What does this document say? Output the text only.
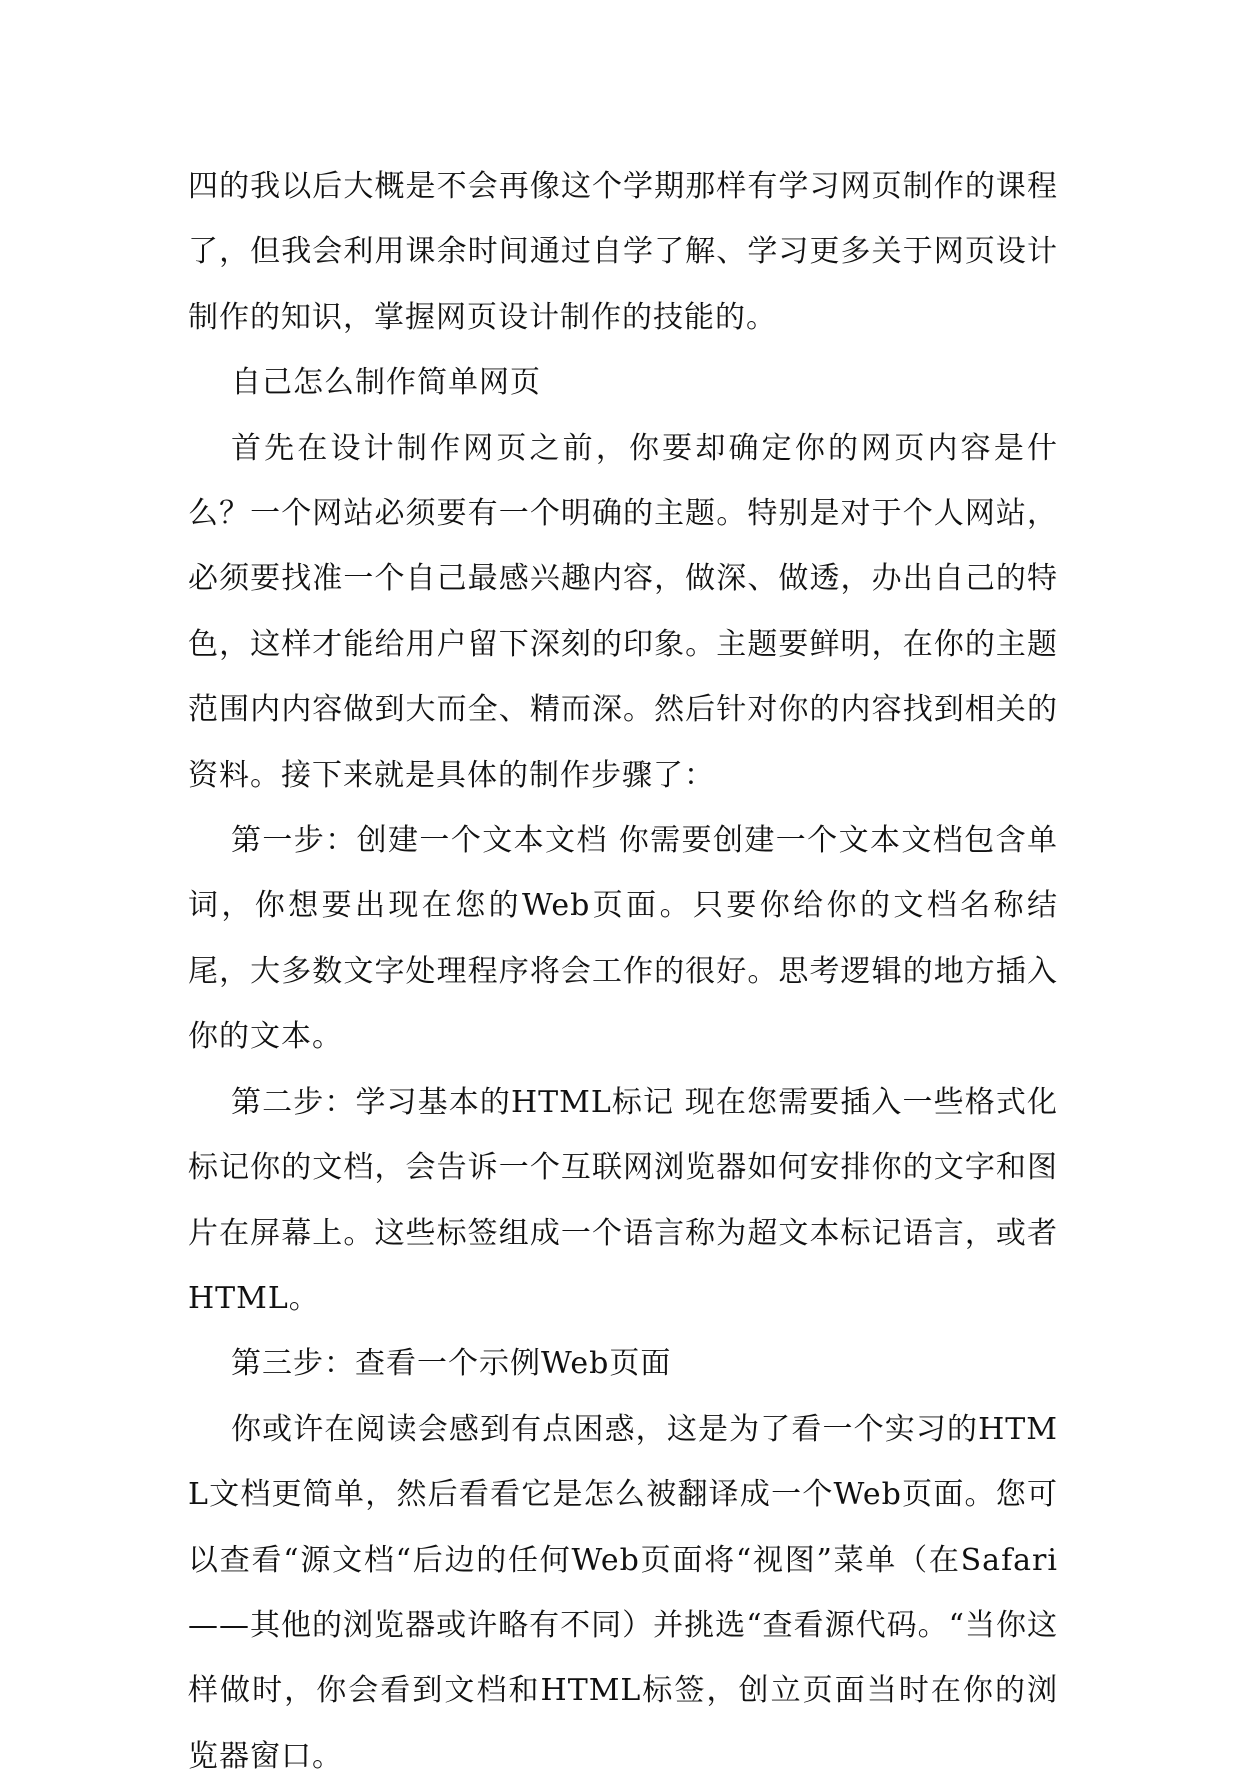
四的我以后大概是不会再像这个学期那样有学习网页制作的课程了，但我会利用课余时间通过自学了解、学习更多关于网页设计制作的知识，掌握网页设计制作的技能的。

自己怎么制作简单网页

首先在设计制作网页之前，你要却确定你的网页内容是什么？一个网站必须要有一个明确的主题。特别是对于个人网站，必须要找准一个自己最感兴趣内容，做深、做透，办出自己的特色，这样才能给用户留下深刻的印象。主题要鲜明，在你的主题范围内内容做到大而全、精而深。然后针对你的内容找到相关的资料。接下来就是具体的制作步骤了：

第一步：创建一个文本文档 你需要创建一个文本文档包含单词，你想要出现在您的Web页面。只要你给你的文档名称结尾，大多数文字处理程序将会工作的很好。思考逻辑的地方插入你的文本。

第二步：学习基本的HTML标记 现在您需要插入一些格式化标记你的文档，会告诉一个互联网浏览器如何安排你的文字和图片在屏幕上。这些标签组成一个语言称为超文本标记语言，或者HTML。

第三步：查看一个示例Web页面

你或许在阅读会感到有点困惑，这是为了看一个实习的HTML文档更简单，然后看看它是怎么被翻译成一个Web页面。您可以查看“源文档“后边的任何Web页面将“视图”菜单（在Safari——其他的浏览器或许略有不同）并挑选“查看源代码。“当你这样做时，你会看到文档和HTML标签，创立页面当时在你的浏览器窗口。
